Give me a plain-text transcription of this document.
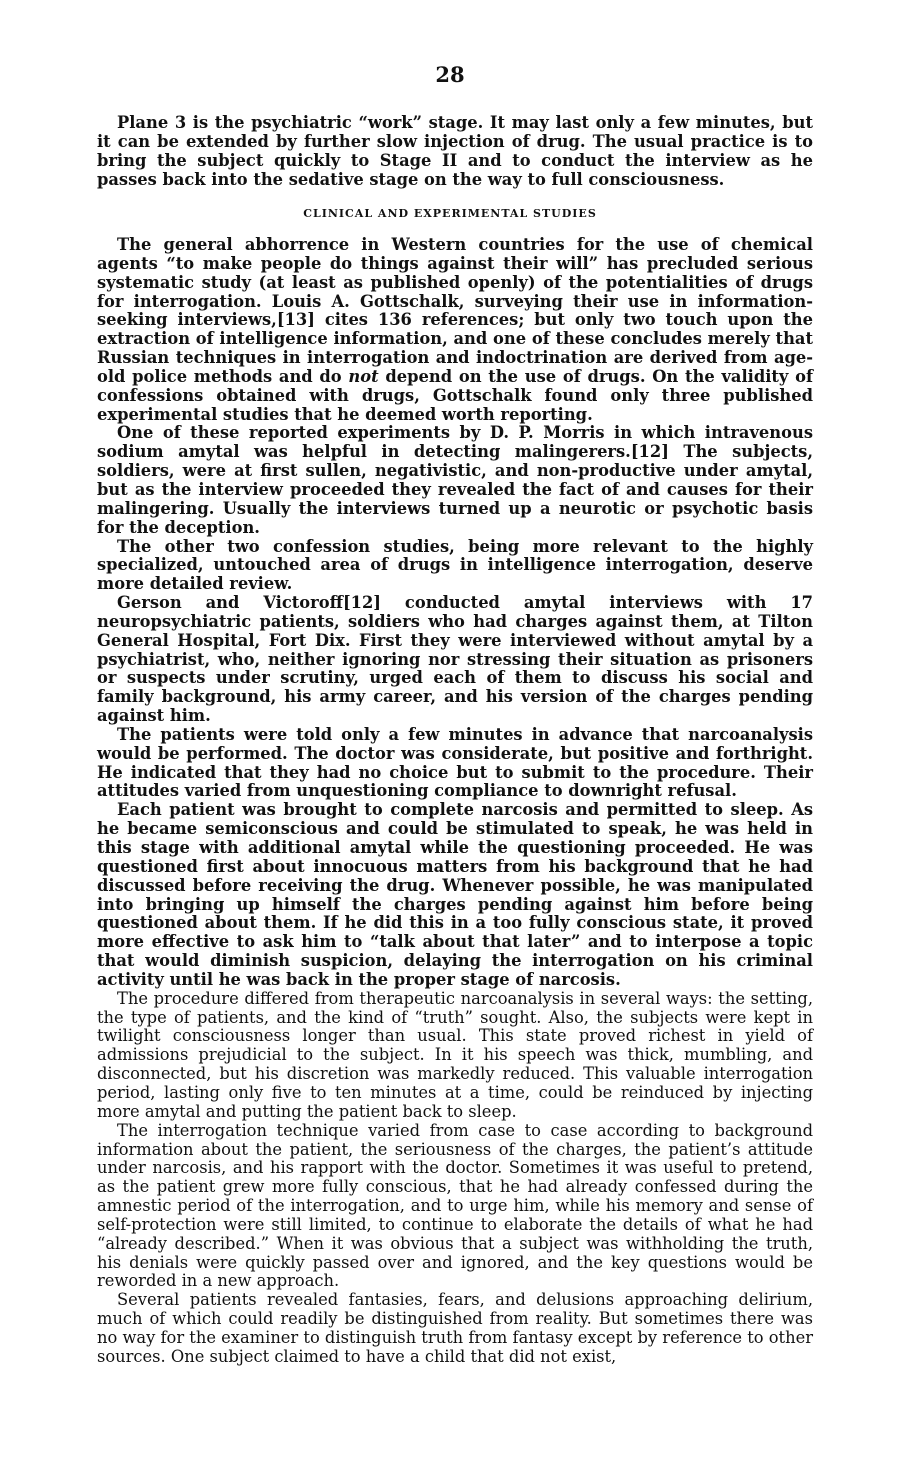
28

Plane 3 is the psychiatric “work” stage. It may last only a few minutes, but it can be extended by further slow injection of drug. The usual practice is to bring the subject quickly to Stage II and to conduct the interview as he passes back into the sedative stage on the way to full consciousness.

CLINICAL AND EXPERIMENTAL STUDIES

The general abhorrence in Western countries for the use of chemical agents “to make people do things against their will” has precluded serious systematic study (at least as published openly) of the potentialities of drugs for interrogation. Louis A. Gottschalk, surveying their use in information-seeking interviews,[13] cites 136 references; but only two touch upon the extraction of intelligence information, and one of these concludes merely that Russian techniques in interrogation and indoctrination are derived from age-old police methods and do not depend on the use of drugs. On the validity of confessions obtained with drugs, Gottschalk found only three published experimental studies that he deemed worth reporting.

One of these reported experiments by D. P. Morris in which intravenous sodium amytal was helpful in detecting malingerers.[12] The subjects, soldiers, were at first sullen, negativistic, and non-productive under amytal, but as the interview proceeded they revealed the fact of and causes for their malingering. Usually the interviews turned up a neurotic or psychotic basis for the deception.

The other two confession studies, being more relevant to the highly specialized, untouched area of drugs in intelligence interrogation, deserve more detailed review.

Gerson and Victoroff[12] conducted amytal interviews with 17 neuropsychiatric patients, soldiers who had charges against them, at Tilton General Hospital, Fort Dix. First they were interviewed without amytal by a psychiatrist, who, neither ignoring nor stressing their situation as prisoners or suspects under scrutiny, urged each of them to discuss his social and family background, his army career, and his version of the charges pending against him.

The patients were told only a few minutes in advance that narcoanalysis would be performed. The doctor was considerate, but positive and forthright. He indicated that they had no choice but to submit to the procedure. Their attitudes varied from unquestioning compliance to downright refusal.

Each patient was brought to complete narcosis and permitted to sleep. As he became semiconscious and could be stimulated to speak, he was held in this stage with additional amytal while the questioning proceeded. He was questioned first about innocuous matters from his background that he had discussed before receiving the drug. Whenever possible, he was manipulated into bringing up himself the charges pending against him before being questioned about them. If he did this in a too fully conscious state, it proved more effective to ask him to “talk about that later” and to interpose a topic that would diminish suspicion, delaying the interrogation on his criminal activity until he was back in the proper stage of narcosis.

The procedure differed from therapeutic narcoanalysis in several ways: the setting, the type of patients, and the kind of “truth” sought. Also, the subjects were kept in twilight consciousness longer than usual. This state proved richest in yield of admissions prejudicial to the subject. In it his speech was thick, mumbling, and disconnected, but his discretion was markedly reduced. This valuable interrogation period, lasting only five to ten minutes at a time, could be reinduced by injecting more amytal and putting the patient back to sleep.

The interrogation technique varied from case to case according to background information about the patient, the seriousness of the charges, the patient’s attitude under narcosis, and his rapport with the doctor. Sometimes it was useful to pretend, as the patient grew more fully conscious, that he had already confessed during the amnestic period of the interrogation, and to urge him, while his memory and sense of self-protection were still limited, to continue to elaborate the details of what he had “already described.” When it was obvious that a subject was withholding the truth, his denials were quickly passed over and ignored, and the key questions would be reworded in a new approach.

Several patients revealed fantasies, fears, and delusions approaching delirium, much of which could readily be distinguished from reality. But sometimes there was no way for the examiner to distinguish truth from fantasy except by reference to other sources. One subject claimed to have a child that did not exist,
